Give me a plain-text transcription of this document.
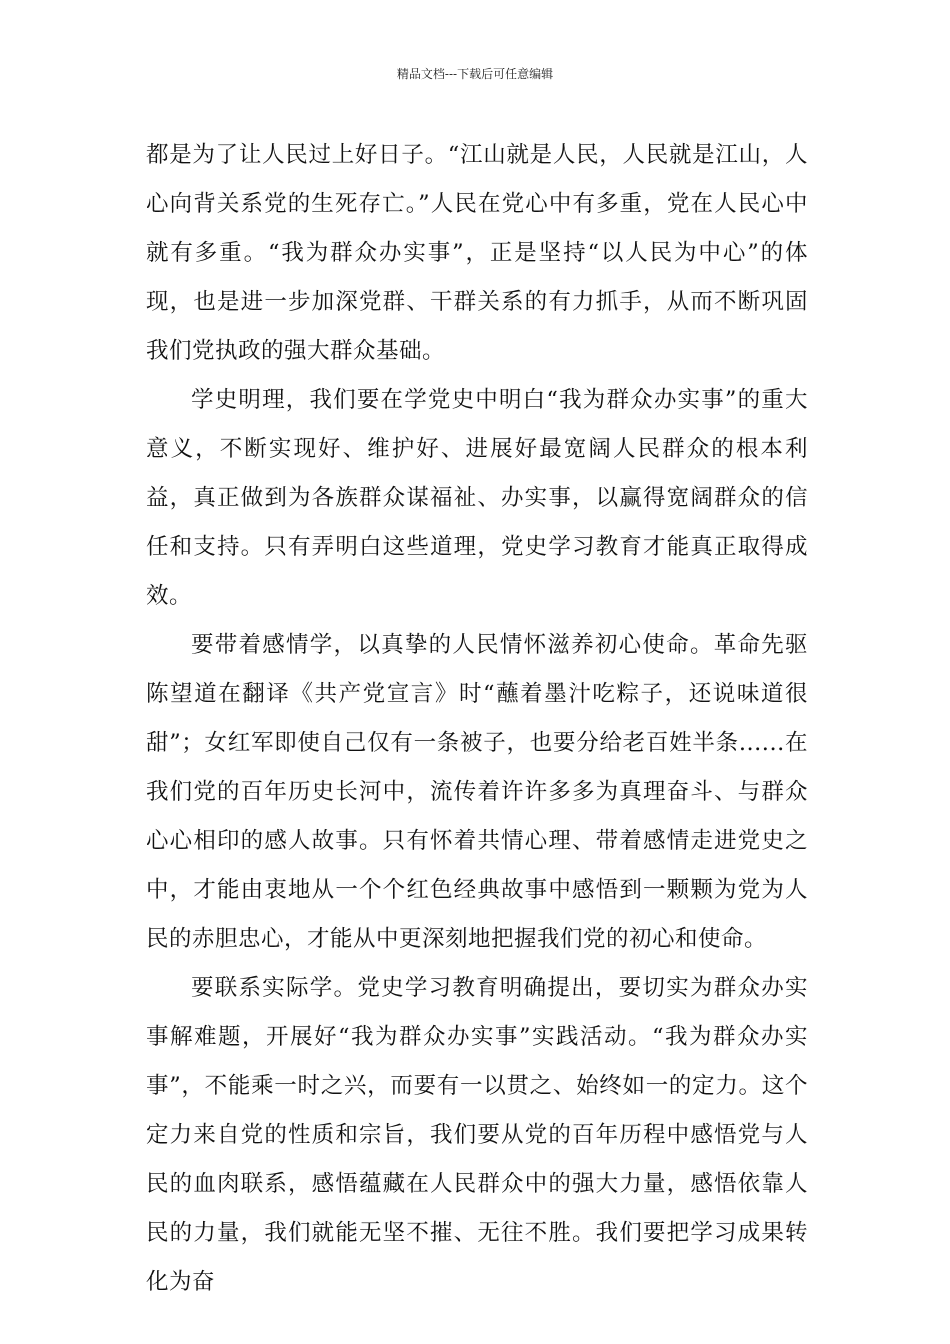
精品文档---下载后可任意编辑

都是为了让人民过上好日子。“江山就是人民，人民就是江山，人心向背关系党的生死存亡。”人民在党心中有多重，党在人民心中就有多重。“我为群众办实事”，正是坚持“以人民为中心”的体现，也是进一步加深党群、干群关系的有力抓手，从而不断巩固我们党执政的强大群众基础。

学史明理，我们要在学党史中明白“我为群众办实事”的重大意义，不断实现好、维护好、进展好最宽阔人民群众的根本利益，真正做到为各族群众谋福祉、办实事，以赢得宽阔群众的信任和支持。只有弄明白这些道理，党史学习教育才能真正取得成效。

要带着感情学，以真挚的人民情怀滋养初心使命。革命先驱陈望道在翻译《共产党宣言》时“蘸着墨汁吃粽子，还说味道很甜”；女红军即使自己仅有一条被子，也要分给老百姓半条......在我们党的百年历史长河中，流传着许许多多为真理奋斗、与群众心心相印的感人故事。只有怀着共情心理、带着感情走进党史之中，才能由衷地从一个个红色经典故事中感悟到一颗颗为党为人民的赤胆忠心，才能从中更深刻地把握我们党的初心和使命。

要联系实际学。党史学习教育明确提出，要切实为群众办实事解难题，开展好“我为群众办实事”实践活动。“我为群众办实事”，不能乘一时之兴，而要有一以贯之、始终如一的定力。这个定力来自党的性质和宗旨，我们要从党的百年历程中感悟党与人民的血肉联系，感悟蕴藏在人民群众中的强大力量，感悟依靠人民的力量，我们就能无坚不摧、无往不胜。我们要把学习成果转化为奋
